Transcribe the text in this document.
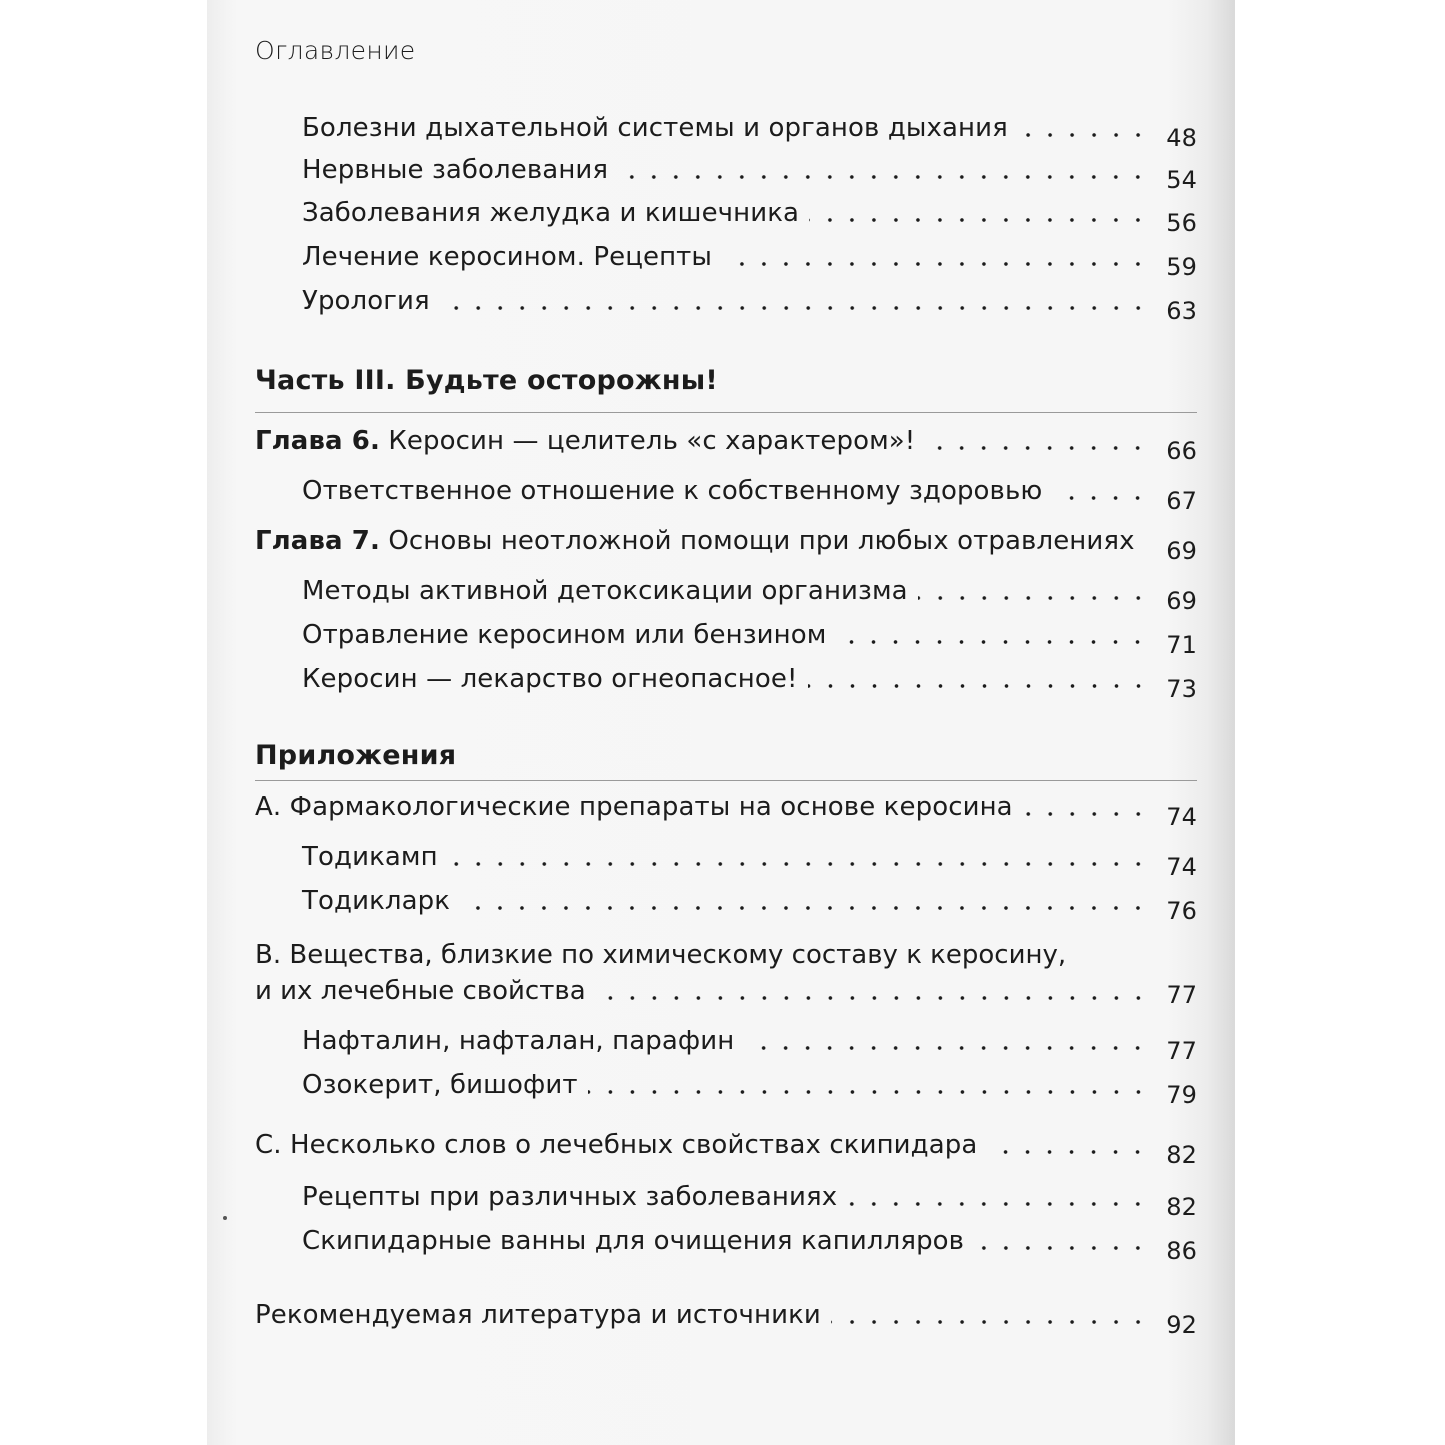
Оглавление
Болезни дыхательной системы и органов дыхания	48
Нервные заболевания	54
Заболевания желудка и кишечника	56
Лечение керосином. Рецепты	59
Урология	63
Часть III. Будьте осторожны!
Глава 6. Керосин — целитель «с характером»!	66
Ответственное отношение к собственному здоровью	67
Глава 7. Основы неотложной помощи при любых отравлениях	69
Методы активной детоксикации организма	69
Отравление керосином или бензином	71
Керосин — лекарство огнеопасное!	73
Приложения
А. Фармакологические препараты на основе керосина	74
Тодикамп	74
Тодикларк	76
В. Вещества, близкие по химическому составу к керосину,
и их лечебные свойства	77
Нафталин, нафталан, парафин	77
Озокерит, бишофит	79
С. Несколько слов о лечебных свойствах скипидара	82
Рецепты при различных заболеваниях	82
Скипидарные ванны для очищения капилляров	86
Рекомендуемая литература и источники	92
